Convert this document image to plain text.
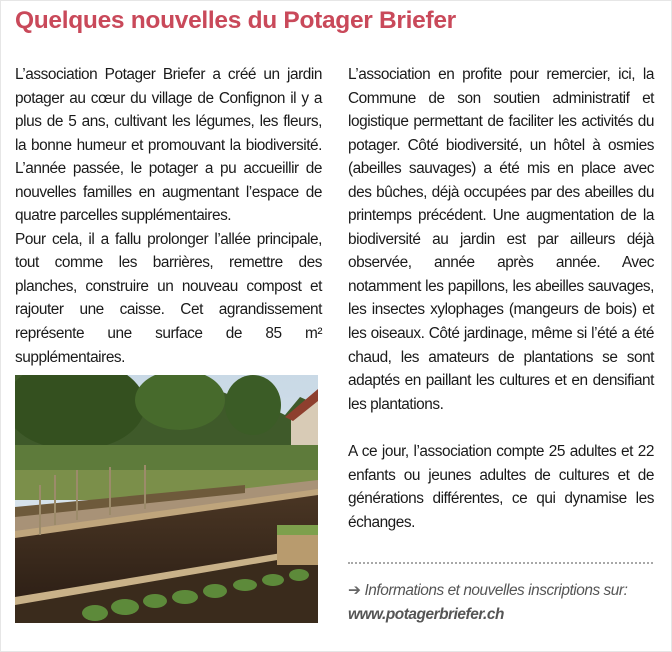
Quelques nouvelles du Potager Briefer

L’association Potager Briefer a créé un jardin potager au cœur du village de Confignon il y a plus de 5 ans, cultivant les légumes, les fleurs, la bonne humeur et promouvant la biodiversité. L’année passée, le potager a pu accueillir de nouvelles familles en augmentant l’espace de quatre parcelles supplémentaires.

Pour cela, il a fallu prolonger l’allée principale, tout comme les barrières, remettre des planches, construire un nouveau compost et rajouter une caisse. Cet agrandissement représente une surface de 85 m² supplémentaires.

L’association en profite pour remercier, ici, la Commune de son soutien administratif et logistique permettant de faciliter les activités du potager. Côté biodiversité, un hôtel à osmies (abeilles sauvages) a été mis en place avec des bûches, déjà occupées par des abeilles du printemps précédent. Une augmentation de la biodiversité au jardin est par ailleurs déjà observée, année après année. Avec notamment les papillons, les abeilles sauvages, les insectes xylophages (mangeurs de bois) et les oiseaux. Côté jardinage, même si l’été a été chaud, les amateurs de plantations se sont adaptés en paillant les cultures et en densifiant les plantations.

A ce jour, l’association compte 25 adultes et 22 enfants ou jeunes adultes de cultures et de générations différentes, ce qui dynamise les échanges.

➔ Informations et nouvelles inscriptions sur:
www.potagerbriefer.ch
